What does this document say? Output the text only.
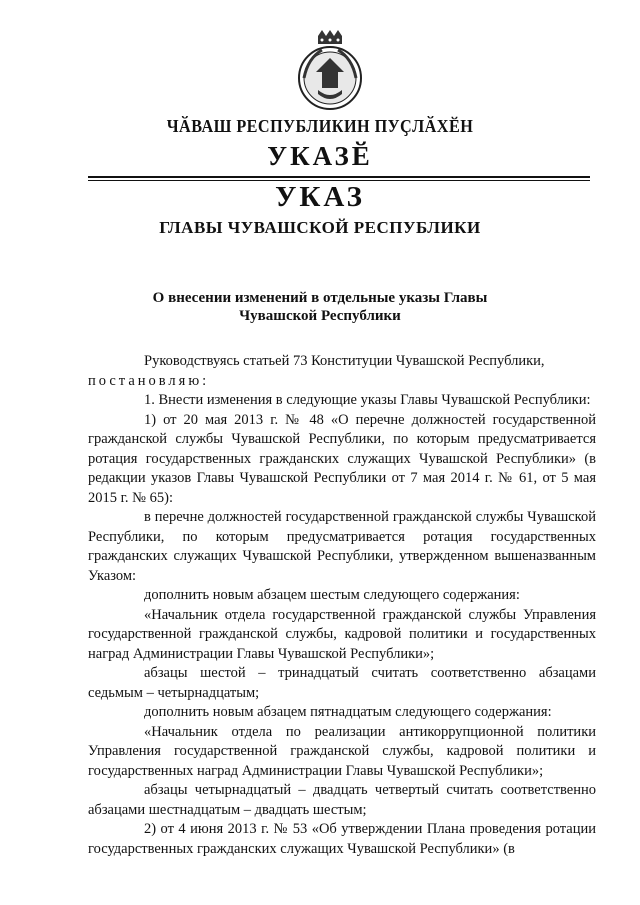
ЧӐВАШ РЕСПУБЛИКИН ПУҪЛӐХӖН
УКАЗӖ
УКАЗ
ГЛАВЫ ЧУВАШСКОЙ РЕСПУБЛИКИ
О внесении изменений в отдельные указы Главы
Чувашской Республики

Руководствуясь статьей 73 Конституции Чувашской Республики,

постановляю:

1. Внести изменения в следующие указы Главы Чувашской Республики:

1) от 20 мая 2013 г. № 48 «О перечне должностей государственной гражданской службы Чувашской Республики, по которым предусматривается ротация государственных гражданских служащих Чувашской Республики» (в редакции указов Главы Чувашской Республики от 7 мая 2014 г. № 61, от 5 мая 2015 г. № 65):

в перечне должностей государственной гражданской службы Чувашской Республики, по которым предусматривается ротация государственных гражданских служащих Чувашской Республики, утвержденном вышеназванным Указом:

дополнить новым абзацем шестым следующего содержания:

«Начальник отдела государственной гражданской службы Управления государственной гражданской службы, кадровой политики и государственных наград Администрации Главы Чувашской Республики»;

абзацы шестой – тринадцатый считать соответственно абзацами седьмым – четырнадцатым;

дополнить новым абзацем пятнадцатым следующего содержания:

«Начальник отдела по реализации антикоррупционной политики Управления государственной гражданской службы, кадровой политики и государственных наград Администрации Главы Чувашской Республики»;

абзацы четырнадцатый – двадцать четвертый считать соответственно абзацами шестнадцатым – двадцать шестым;

2) от 4 июня 2013 г. № 53 «Об утверждении Плана проведения ротации государственных гражданских служащих Чувашской Республики» (в
